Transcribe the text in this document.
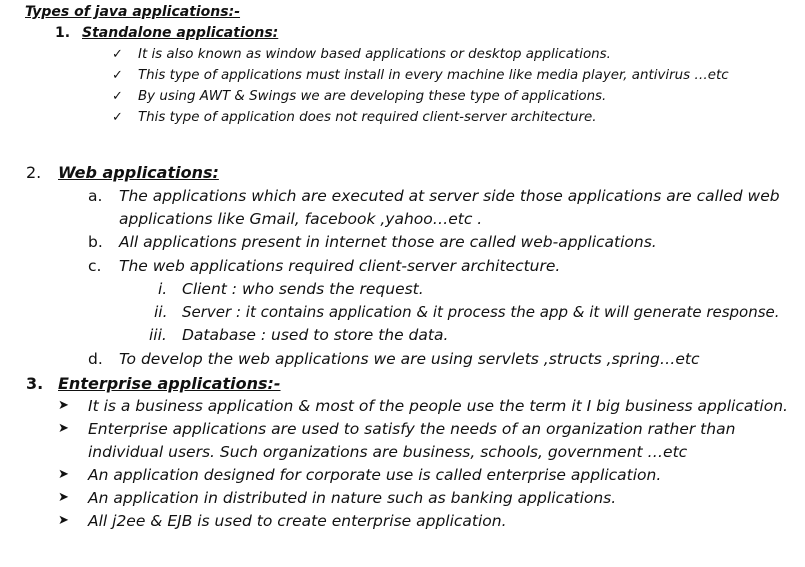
Types of java applications:-
1. Standalone applications:
✓ It is also known as window based applications or desktop applications.
✓ This type of applications must install in every machine like media player, antivirus …etc
✓ By using AWT & Swings we are developing these type of applications.
✓ This type of application does not required client-server architecture.
2. Web applications:
a. The applications which are executed at server side those applications are called web
applications like Gmail, facebook ,yahoo…etc .
b. All applications present in internet those are called web-applications.
c. The web applications required client-server architecture.
i. Client : who sends the request.
ii. Server : it contains application & it process the app & it will generate response.
iii. Database : used to store the data.
d. To develop the web applications we are using servlets ,structs ,spring…etc
3. Enterprise applications:-
➤ It is a business application & most of the people use the term it I big business application.
➤ Enterprise applications are used to satisfy the needs of an organization rather than
individual users. Such organizations are business, schools, government …etc
➤ An application designed for corporate use is called enterprise application.
➤ An application in distributed in nature such as banking applications.
➤ All j2ee & EJB is used to create enterprise application.
